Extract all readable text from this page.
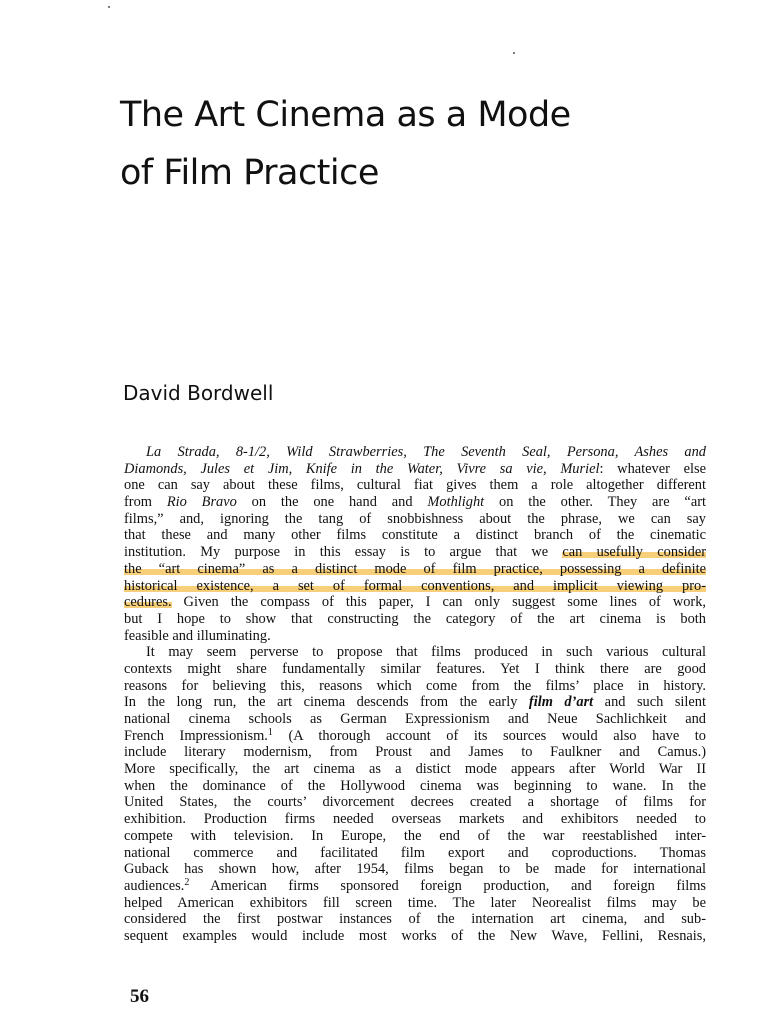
The Art Cinema as a Mode
of Film Practice
David Bordwell
La Strada, 8-1/2, Wild Strawberries, The Seventh Seal, Persona, Ashes and
Diamonds, Jules et Jim, Knife in the Water, Vivre sa vie, Muriel: whatever else
one can say about these films, cultural fiat gives them a role altogether different
from Rio Bravo on the one hand and Mothlight on the other. They are “art
films,” and, ignoring the tang of snobbishness about the phrase, we can say
that these and many other films constitute a distinct branch of the cinematic
institution. My purpose in this essay is to argue that we can usefully consider
the “art cinema” as a distinct mode of film practice, possessing a definite
historical existence, a set of formal conventions, and implicit viewing pro-
cedures. Given the compass of this paper, I can only suggest some lines of work,
but I hope to show that constructing the category of the art cinema is both
feasible and illuminating.
It may seem perverse to propose that films produced in such various cultural
contexts might share fundamentally similar features. Yet I think there are good
reasons for believing this, reasons which come from the films’ place in history.
In the long run, the art cinema descends from the early film d’art and such silent
national cinema schools as German Expressionism and Neue Sachlichkeit and
French Impressionism.$^1$ (A thorough account of its sources would also have to
include literary modernism, from Proust and James to Faulkner and Camus.)
More specifically, the art cinema as a distict mode appears after World War II
when the dominance of the Hollywood cinema was beginning to wane. In the
United States, the courts’ divorcement decrees created a shortage of films for
exhibition. Production firms needed overseas markets and exhibitors needed to
compete with television. In Europe, the end of the war reestablished inter-
national commerce and facilitated film export and coproductions. Thomas
Guback has shown how, after 1954, films began to be made for international
audiences.$^2$ American firms sponsored foreign production, and foreign films
helped American exhibitors fill screen time. The later Neorealist films may be
considered the first postwar instances of the internation art cinema, and sub-
sequent examples would include most works of the New Wave, Fellini, Resnais,
56
